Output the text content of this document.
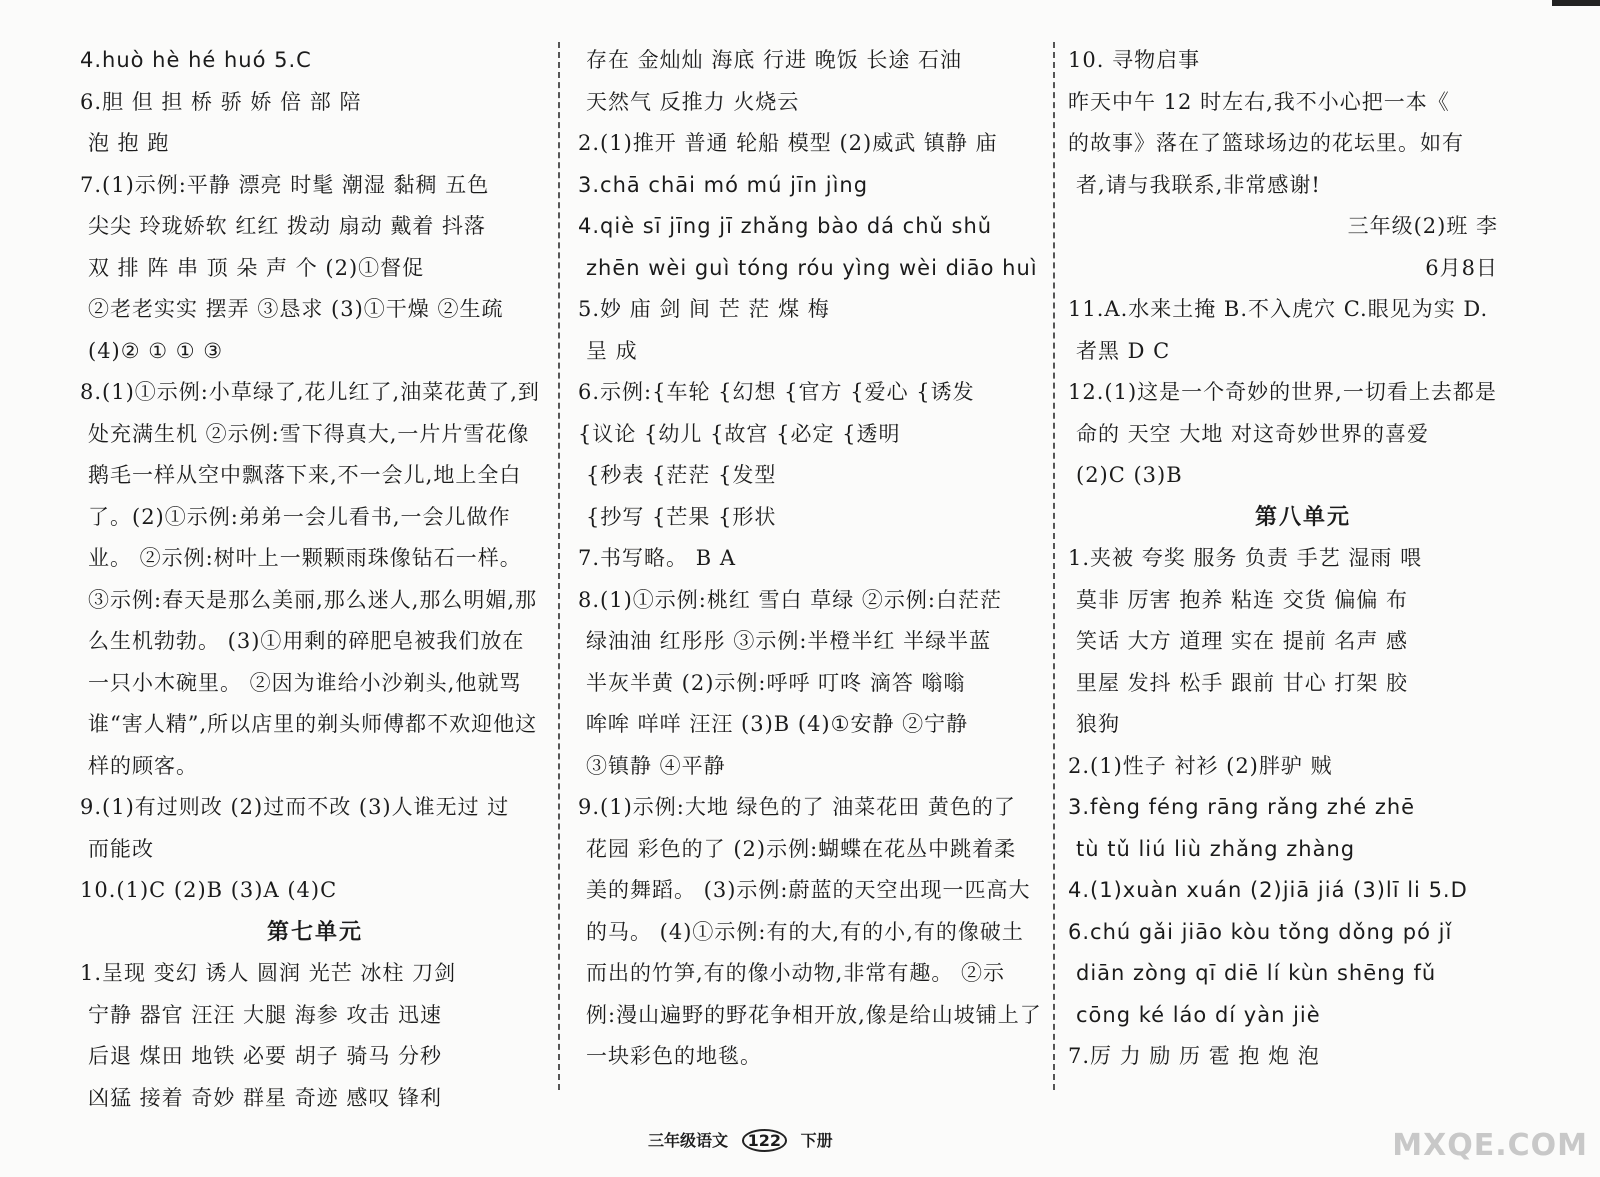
4.huò hè hé huó 5.C
6.胆 但 担 桥 骄 娇 倍 部 陪
泡 抱 跑
7.(1)示例:平静 漂亮 时髦 潮湿 黏稠 五色
尖尖 玲珑娇软 红红 拨动 扇动 戴着 抖落
双 排 阵 串 顶 朵 声 个 (2)①督促
②老老实实 摆弄 ③恳求 (3)①干燥 ②生疏
(4)② ① ① ③
8.(1)①示例:小草绿了,花儿红了,油菜花黄了,到
处充满生机 ②示例:雪下得真大,一片片雪花像
鹅毛一样从空中飘落下来,不一会儿,地上全白
了。(2)①示例:弟弟一会儿看书,一会儿做作
业。 ②示例:树叶上一颗颗雨珠像钻石一样。
③示例:春天是那么美丽,那么迷人,那么明媚,那
么生机勃勃。 (3)①用剩的碎肥皂被我们放在
一只小木碗里。 ②因为谁给小沙剃头,他就骂
谁“害人精”,所以店里的剃头师傅都不欢迎他这
样的顾客。
9.(1)有过则改 (2)过而不改 (3)人谁无过 过
而能改
10.(1)C (2)B (3)A (4)C
第七单元
1.呈现 变幻 诱人 圆润 光芒 冰柱 刀剑
宁静 器官 汪汪 大腿 海参 攻击 迅速
后退 煤田 地铁 必要 胡子 骑马 分秒
凶猛 接着 奇妙 群星 奇迹 感叹 锋利
存在 金灿灿 海底 行进 晚饭 长途 石油
天然气 反推力 火烧云
2.(1)推开 普通 轮船 模型 (2)威武 镇静 庙
3.chā chāi mó mú jīn jìng
4.qiè sī jīng jī zhǎng bào dá chǔ shǔ
zhēn wèi guì tóng róu yìng wèi diāo huì
5.妙 庙 剑 间 芒 茫 煤 梅
呈 成
6.示例:{车轮 {幻想 {官方 {爱心 {诱发
{议论 {幼儿 {故宫 {必定 {透明
{秒表 {茫茫 {发型
{抄写 {芒果 {形状
7.书写略。 B A
8.(1)①示例:桃红 雪白 草绿 ②示例:白茫茫
绿油油 红彤彤 ③示例:半橙半红 半绿半蓝
半灰半黄 (2)示例:呼呼 叮咚 滴答 嗡嗡
哞哞 咩咩 汪汪 (3)B (4)①安静 ②宁静
③镇静 ④平静
9.(1)示例:大地 绿色的了 油菜花田 黄色的了
花园 彩色的了 (2)示例:蝴蝶在花丛中跳着柔
美的舞蹈。 (3)示例:蔚蓝的天空出现一匹高大
的马。 (4)①示例:有的大,有的小,有的像破土
而出的竹笋,有的像小动物,非常有趣。 ②示
例:漫山遍野的野花争相开放,像是给山坡铺上了
一块彩色的地毯。
10. 寻物启事
昨天中午 12 时左右,我不小心把一本《
的故事》落在了篮球场边的花坛里。如有
者,请与我联系,非常感谢!
三年级(2)班 李
6月8日
11.A.水来土掩 B.不入虎穴 C.眼见为实 D.
者黑 D C
12.(1)这是一个奇妙的世界,一切看上去都是
命的 天空 大地 对这奇妙世界的喜爱
(2)C (3)B
第八单元
1.夹被 夸奖 服务 负责 手艺 湿雨 喂
莫非 厉害 抱养 粘连 交货 偏偏 布
笑话 大方 道理 实在 提前 名声 感
里屋 发抖 松手 跟前 甘心 打架 胶
狼狗
2.(1)性子 衬衫 (2)胖驴 贼
3.fèng féng rāng rǎng zhé zhē
tù tǔ liú liù zhǎng zhàng
4.(1)xuàn xuán (2)jiā jiá (3)lī li 5.D
6.chú gǎi jiāo kòu tǒng dǒng pó jǐ
diān zòng qī diē lí kùn shēng fǔ
cōng ké láo dí yàn jiè
7.厉 力 励 历 雹 抱 炮 泡
三年级语文 122 下册	MXQE.COM
